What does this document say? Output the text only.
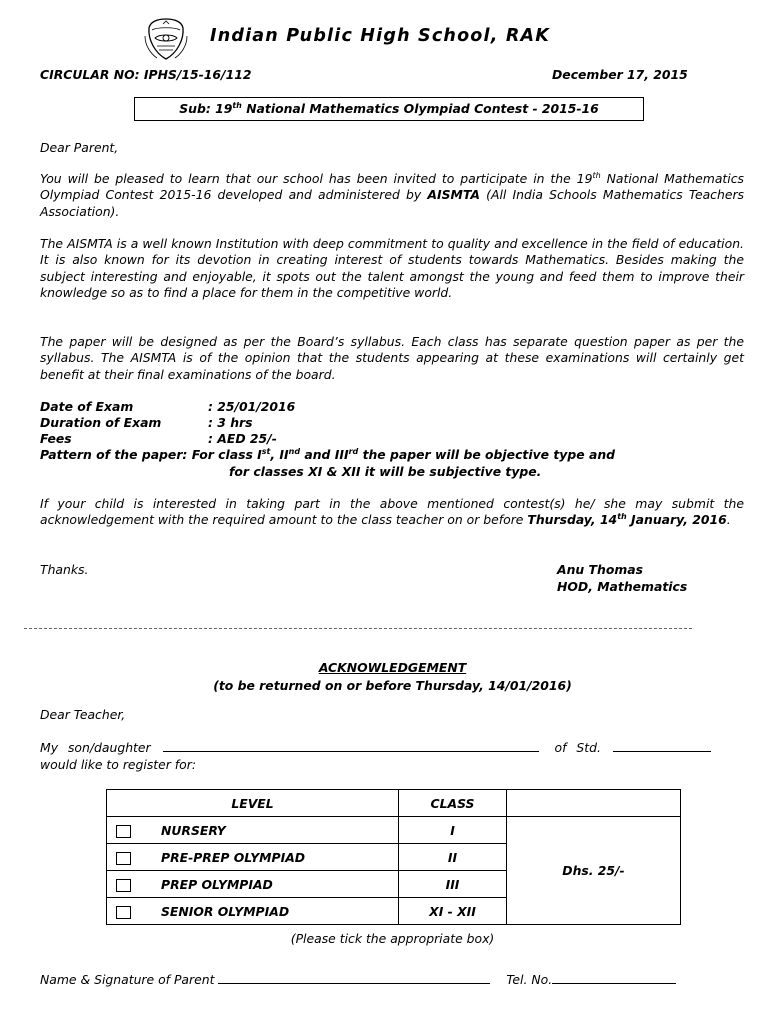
Indian Public High School, RAK
CIRCULAR NO: IPHS/15-16/112	December 17, 2015
Sub: 19th National Mathematics Olympiad Contest - 2015-16

Dear Parent,

You will be pleased to learn that our school has been invited to participate in the 19th National Mathematics Olympiad Contest 2015-16 developed and administered by AISMTA (All India Schools Mathematics Teachers Association).

The AISMTA is a well known Institution with deep commitment to quality and excellence in the field of education. It is also known for its devotion in creating interest of students towards Mathematics. Besides making the subject interesting and enjoyable, it spots out the talent amongst the young and feed them to improve their knowledge so as to find a place for them in the competitive world.

The paper will be designed as per the Board’s syllabus. Each class has separate question paper as per the syllabus. The AISMTA is of the opinion that the students appearing at these examinations will certainly get benefit at their final examinations of the board.

Date of Exam	: 25/01/2016
Duration of Exam	: 3 hrs
Fees	: AED 25/-
Pattern of the paper: For class Ist, IInd and IIIrd the paper will be objective type and
for classes XI & XII it will be subjective type.

If your child is interested in taking part in the above mentioned contest(s) he/ she may submit the acknowledgement with the required amount to the class teacher on or before Thursday, 14th January, 2016.

Thanks.	Anu Thomas
HOD, Mathematics
ACKNOWLEDGEMENT
(to be returned on or before Thursday, 14/01/2016)
Dear Teacher,
My son/daughter	of Std.
would like to register for:
LEVEL	CLASS	
NURSERY	I	Dhs. 25/-
PRE-PREP OLYMPIAD	II	
PREP OLYMPIAD	III	
SENIOR OLYMPIAD	XI - XII	
(Please tick the appropriate box)
Name & Signature of Parent	Tel. No.
